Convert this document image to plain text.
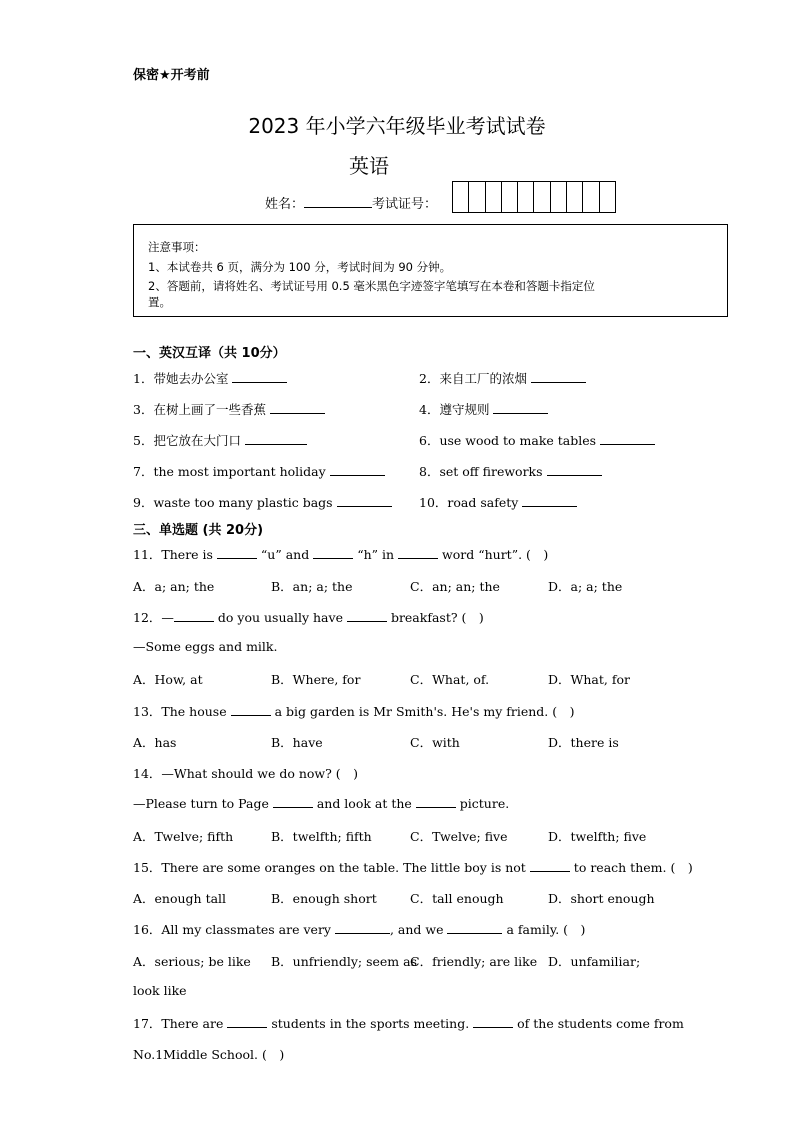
保密★开考前
2023 年小学六年级毕业考试试卷
英语
姓名：	考试证号：
注意事项：
1、本试卷共 6 页，满分为 100 分，考试时间为 90 分钟。
2、答题前，请将姓名、考试证号用 0.5 毫米黑色字迹签字笔填写在本卷和答题卡指定位
置。
一、英汉互译（共 10分）
1．带她去办公室	2．来自工厂的浓烟
3．在树上画了一些香蕉	4．遵守规则
5．把它放在大门口	6．use wood to make tables
7．the most important holiday	8．set off fireworks
9．waste too many plastic bags	10．road safety
三、单选题 (共 20分)
11．There is	“u” and	“h” in	word “hurt”. (　)
A．a; an; the	B．an; a; the	C．an; an; the	D．a; a; the
12．—	do you usually have	breakfast? (　)
—Some eggs and milk.
A．How, at	B．Where, for	C．What, of.	D．What, for
13．The house	a big garden is Mr Smith's. He's my friend. (　)
A．has	B．have	C．with	D．there is
14．—What should we do now? (　)
—Please turn to Page	and look at the	picture.
A．Twelve; fifth	B．twelfth; fifth	C．Twelve; five	D．twelfth; five
15．There are some oranges on the table. The little boy is not	to reach them. (　)
A．enough tall	B．enough short	C．tall enough	D．short enough
16．All my classmates are very	, and we	a family. (　)
A．serious; be like B．unfriendly; seem as
C．friendly; are like D．unfamiliar;
look like
17．There are	students in the sports meeting.	of the students come from
No.1Middle School. (　)
